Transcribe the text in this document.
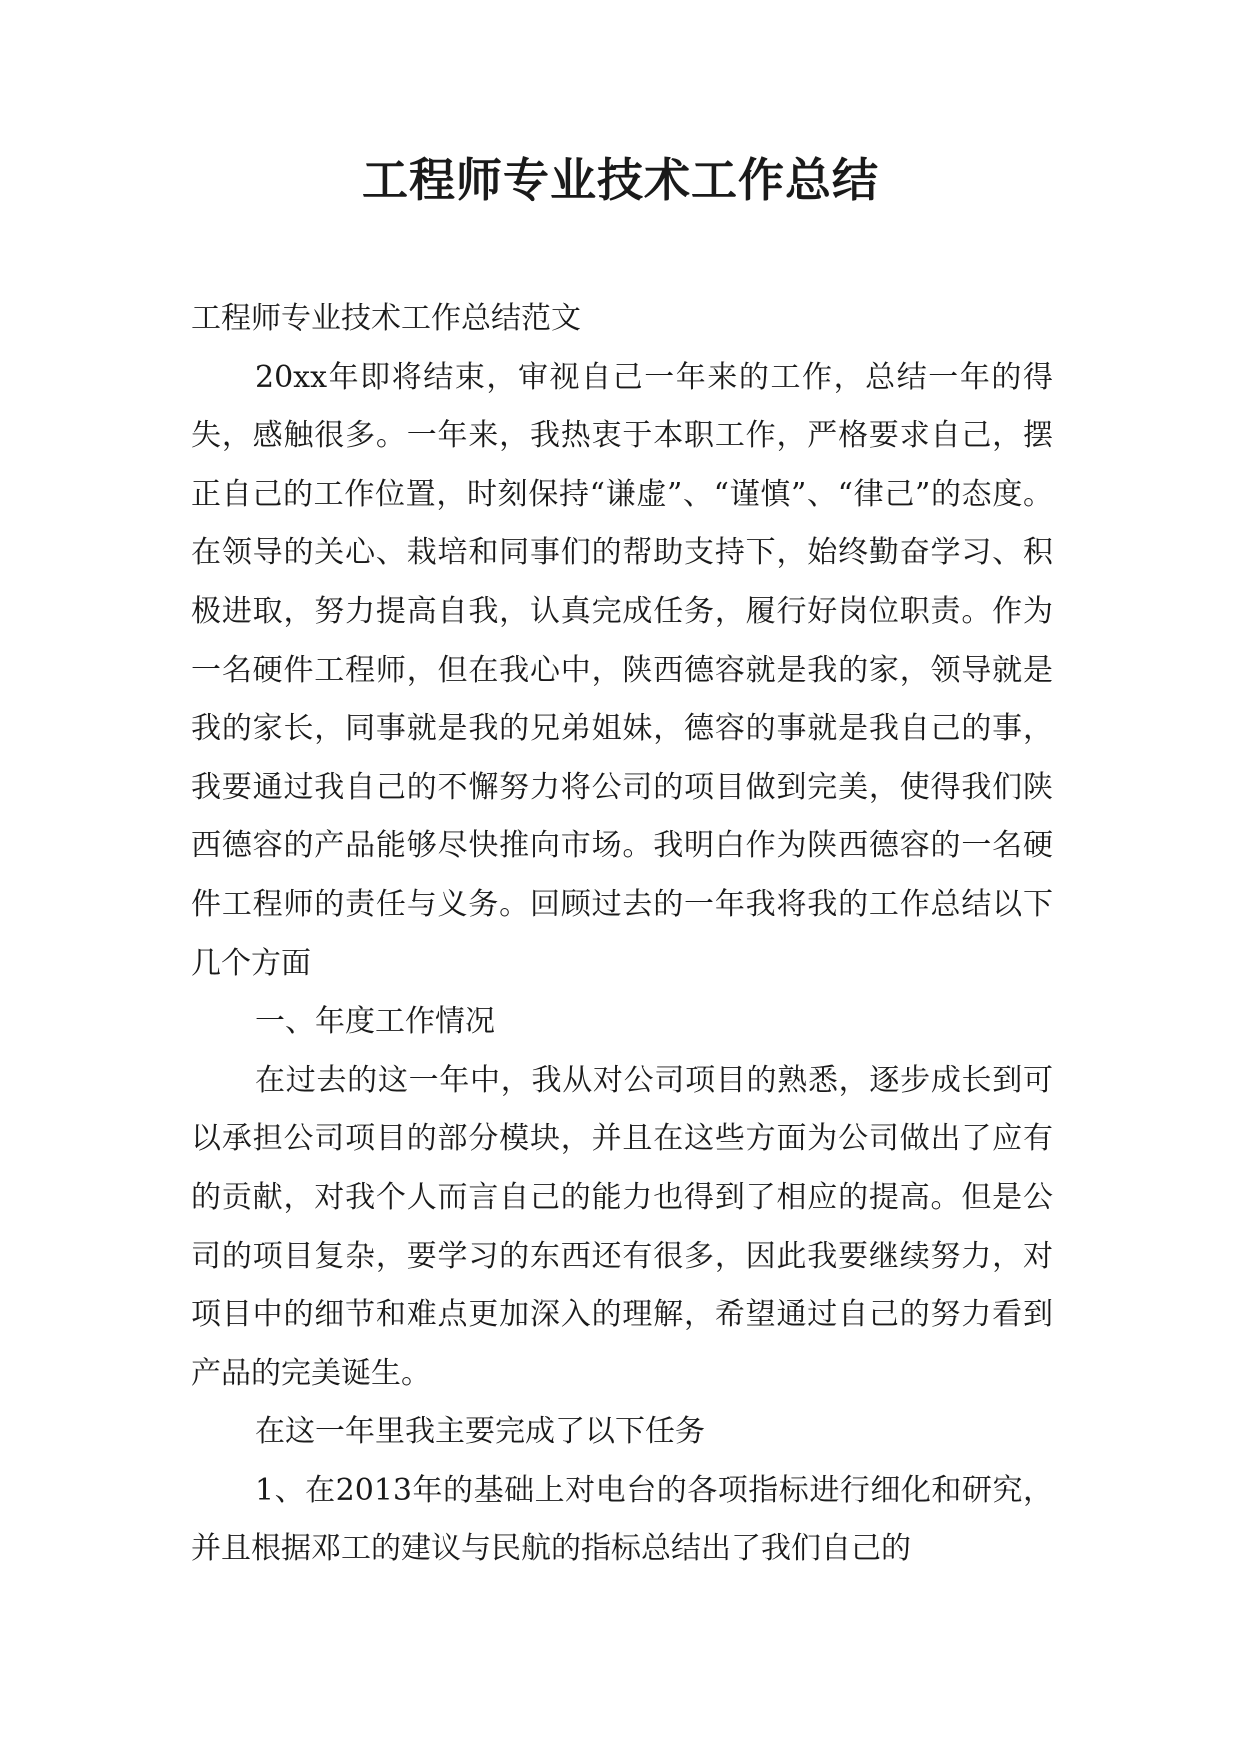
工程师专业技术工作总结

工程师专业技术工作总结范文

20xx年即将结束，审视自己一年来的工作，总结一年的得失，感触很多。一年来，我热衷于本职工作，严格要求自己，摆正自己的工作位置，时刻保持“谦虚”、“谨慎”、“律己”的态度。在领导的关心、栽培和同事们的帮助支持下，始终勤奋学习、积极进取，努力提高自我，认真完成任务，履行好岗位职责。作为一名硬件工程师，但在我心中，陕西德容就是我的家，领导就是我的家长，同事就是我的兄弟姐妹，德容的事就是我自己的事，我要通过我自己的不懈努力将公司的项目做到完美，使得我们陕西德容的产品能够尽快推向市场。我明白作为陕西德容的一名硬件工程师的责任与义务。回顾过去的一年我将我的工作总结以下几个方面

一、年度工作情况

在过去的这一年中，我从对公司项目的熟悉，逐步成长到可以承担公司项目的部分模块，并且在这些方面为公司做出了应有的贡献，对我个人而言自己的能力也得到了相应的提高。但是公司的项目复杂，要学习的东西还有很多，因此我要继续努力，对项目中的细节和难点更加深入的理解，希望通过自己的努力看到产品的完美诞生。

在这一年里我主要完成了以下任务

1、在2013年的基础上对电台的各项指标进行细化和研究，并且根据邓工的建议与民航的指标总结出了我们自己的
